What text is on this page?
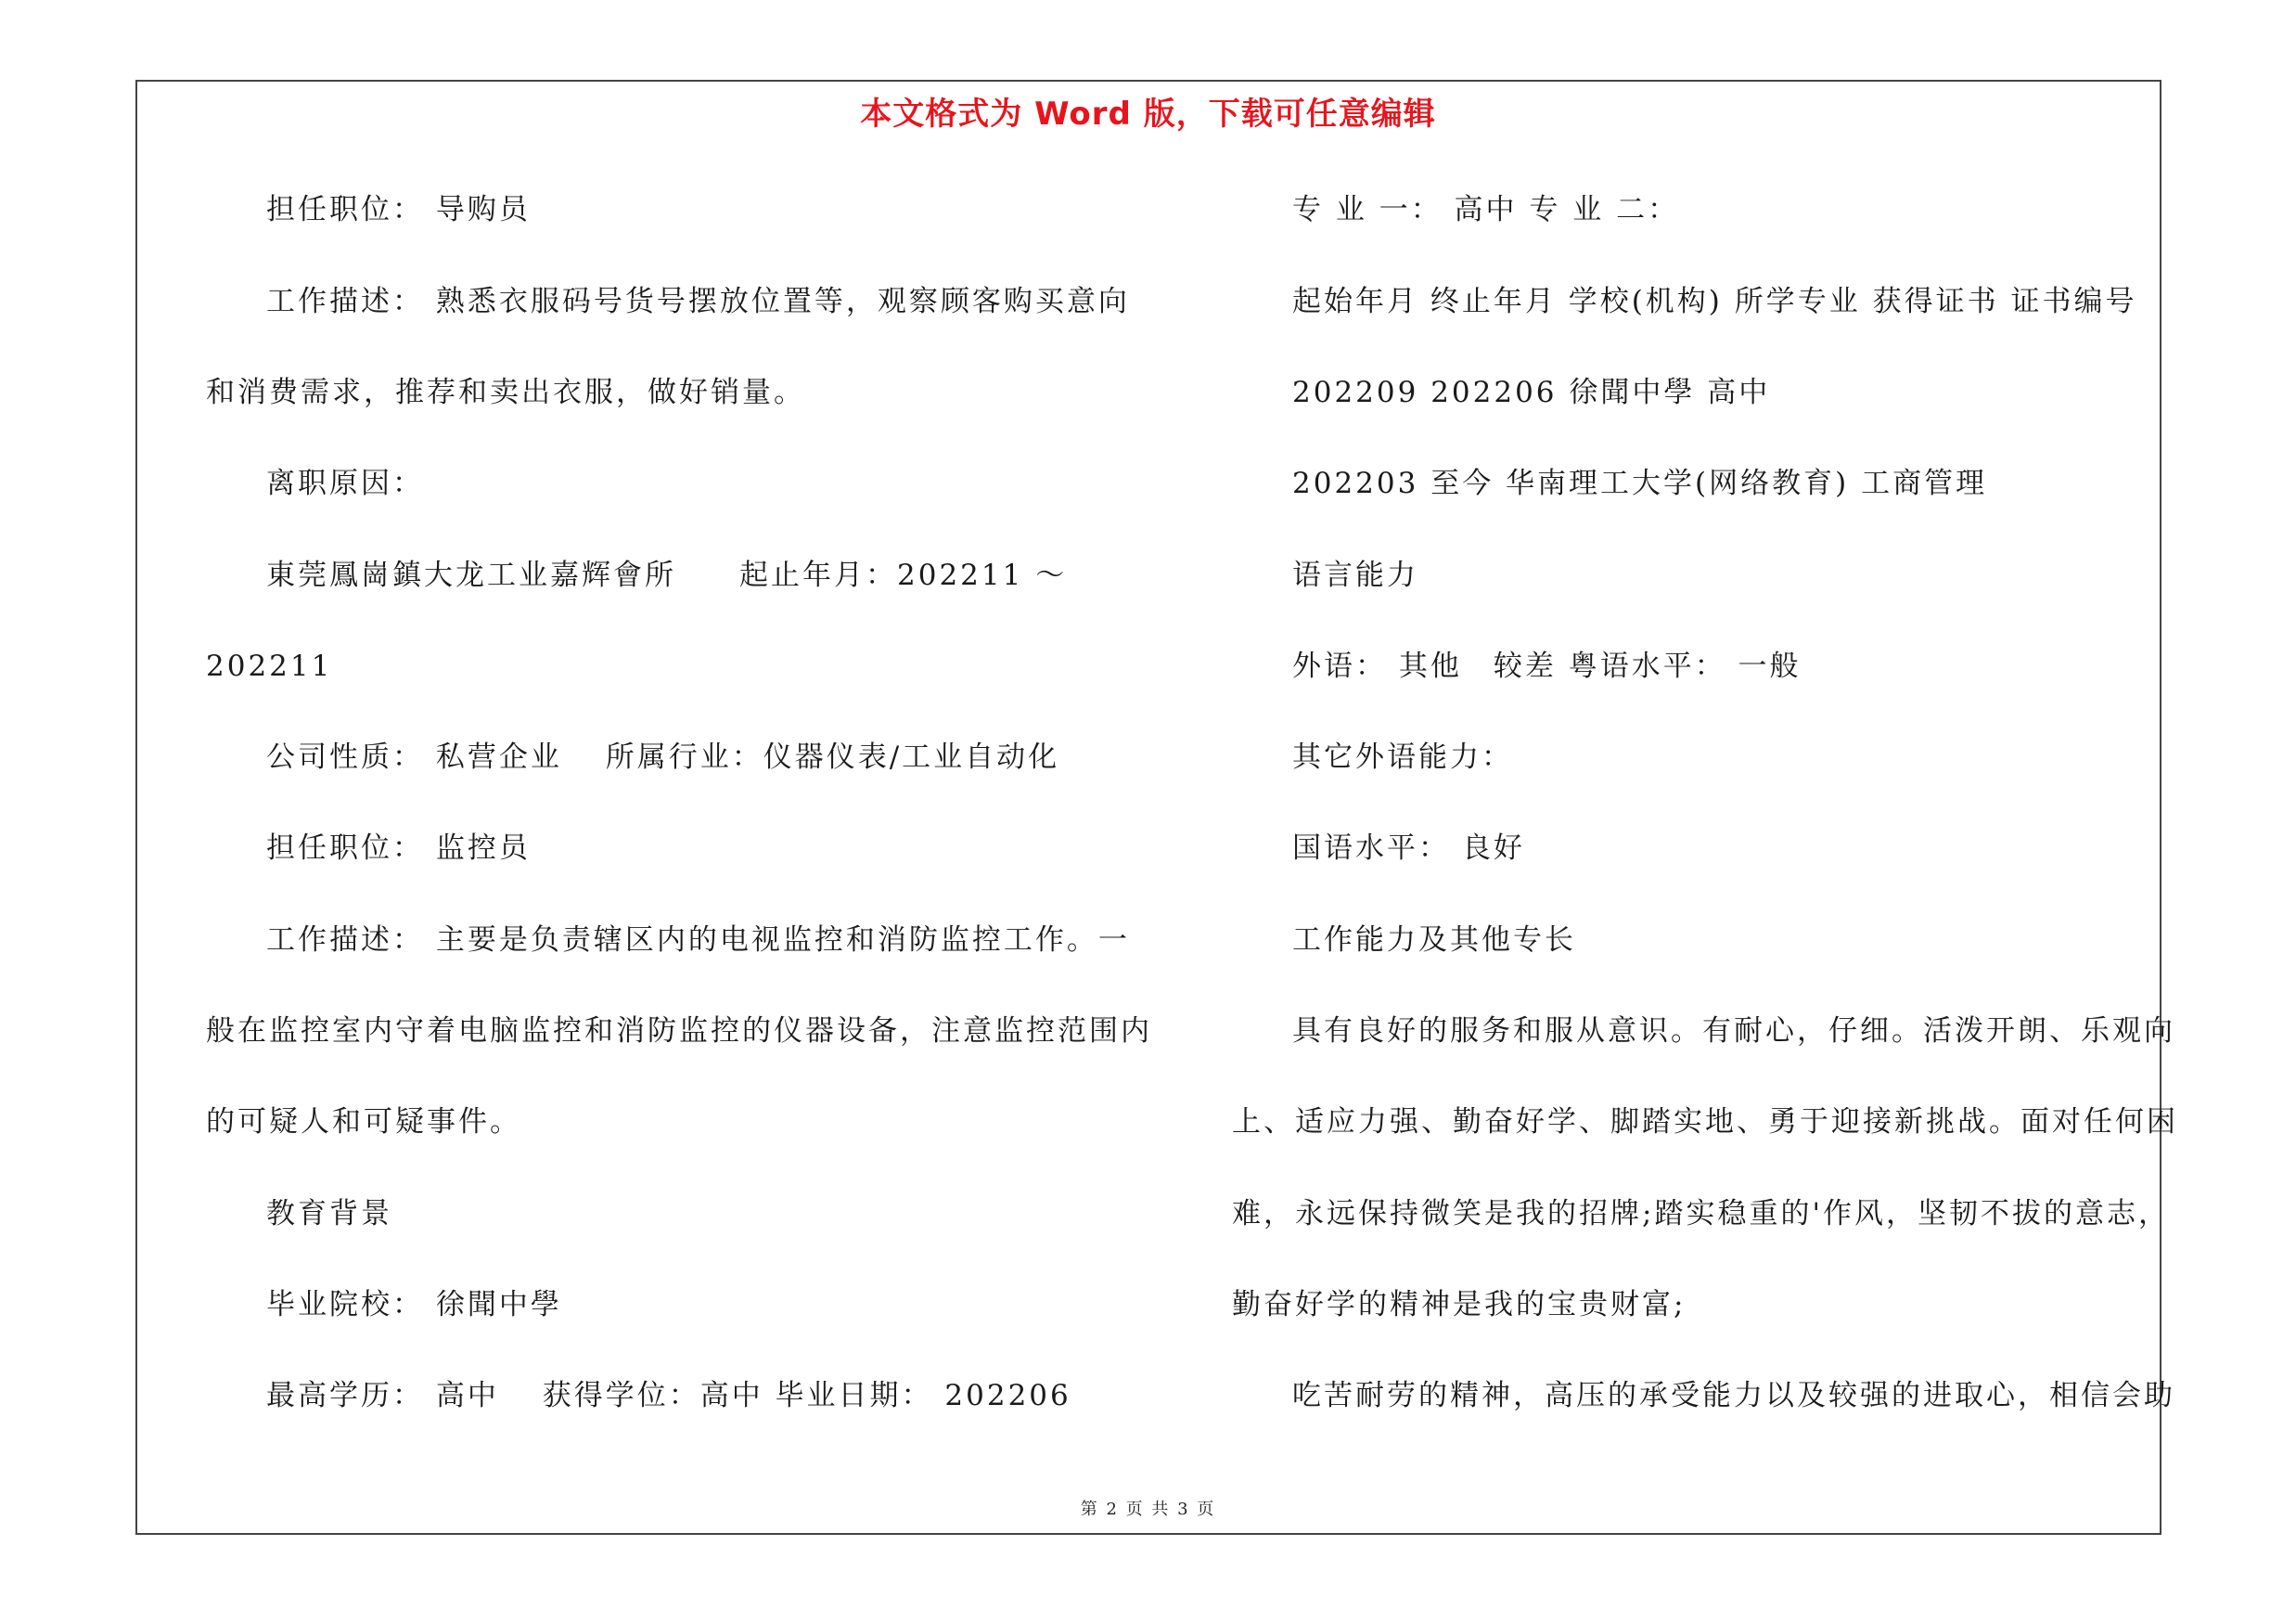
本文格式为 Word 版，下载可任意编辑
担任职位： 导购员
工作描述： 熟悉衣服码号货号摆放位置等，观察顾客购买意向
和消费需求，推荐和卖出衣服，做好销量。
离职原因：
東莞鳳崗鎮大龙工业嘉辉會所　　起止年月：202211 ～
202211
公司性质： 私营企业　 所属行业：仪器仪表/工业自动化
担任职位： 监控员
工作描述： 主要是负责辖区内的电视监控和消防监控工作。一
般在监控室内守着电脑监控和消防监控的仪器设备，注意监控范围内
的可疑人和可疑事件。
教育背景
毕业院校： 徐聞中學
最高学历： 高中　 获得学位：高中 毕业日期： 202206
专 业 一： 高中 专 业 二：
起始年月 终止年月 学校(机构) 所学专业 获得证书 证书编号
202209 202206 徐聞中學 高中
202203 至今 华南理工大学(网络教育) 工商管理
语言能力
外语： 其他　较差 粤语水平： 一般
其它外语能力：
国语水平： 良好
工作能力及其他专长
具有良好的服务和服从意识。有耐心，仔细。活泼开朗、乐观向
上、适应力强、勤奋好学、脚踏实地、勇于迎接新挑战。面对任何困
难，永远保持微笑是我的招牌;踏实稳重的'作风，坚韧不拔的意志，
勤奋好学的精神是我的宝贵财富;
吃苦耐劳的精神，高压的承受能力以及较强的进取心，相信会助
第 2 页 共 3 页
